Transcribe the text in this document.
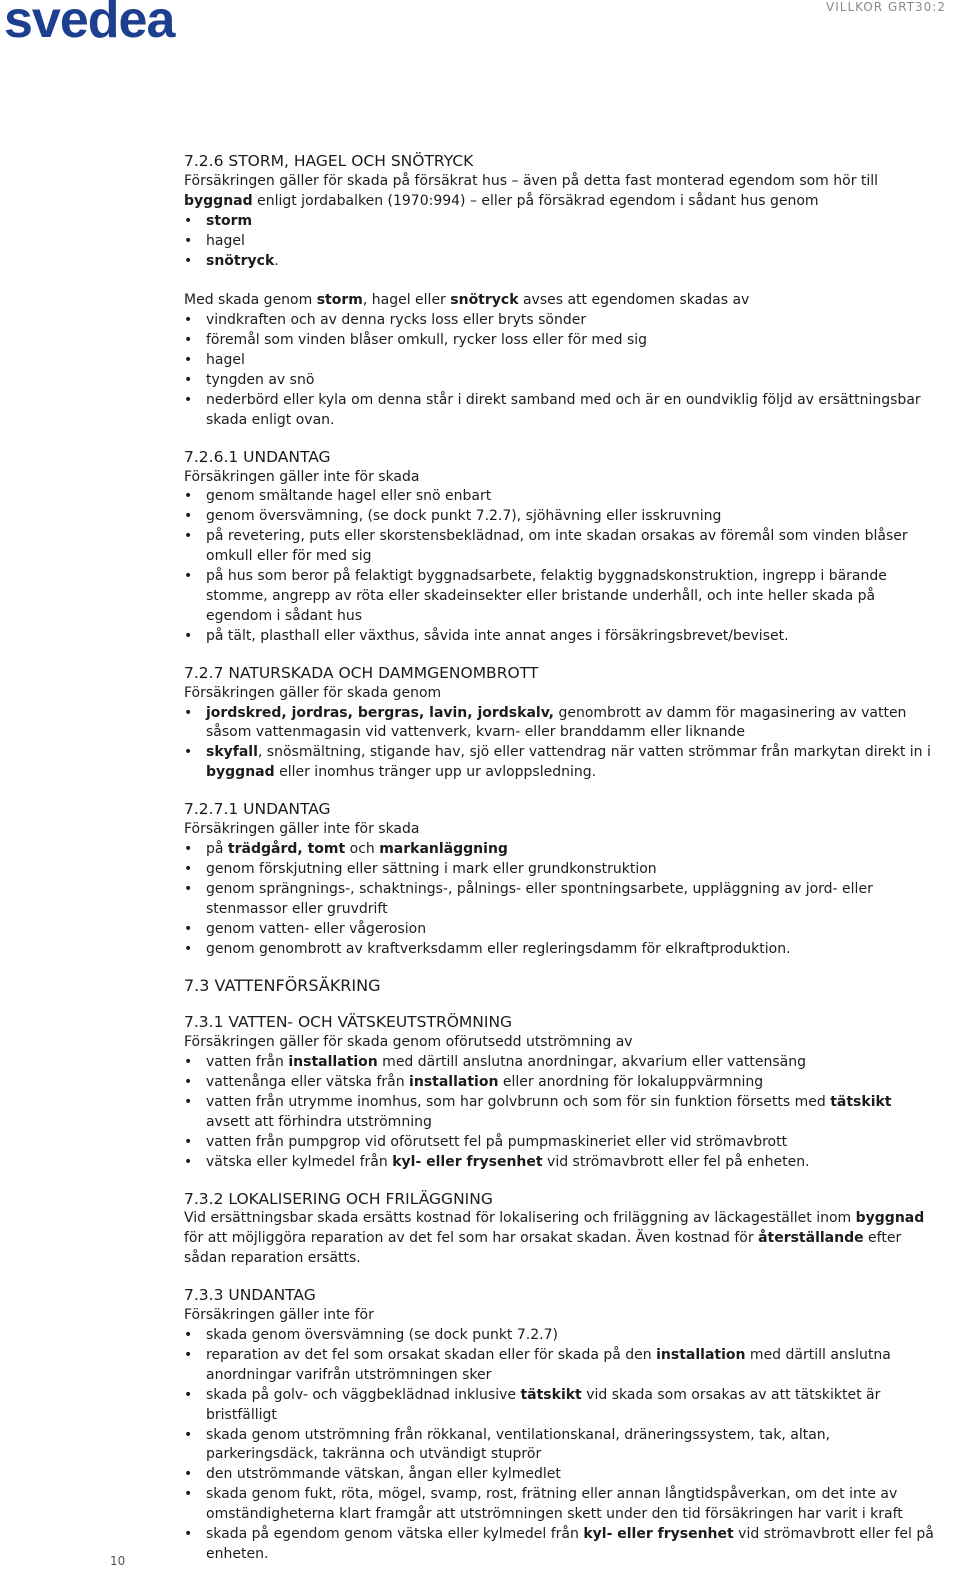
svedea	VILLKOR GRT30:2
7.2.6 STORM, HAGEL OCH SNÖTRYCK

Försäkringen gäller för skada på försäkrat hus – även på detta fast monterad egendom som hör till byggnad enligt jordabalken (1970:994) – eller på försäkrad egendom i sådant hus genom

• storm
• hagel
• snötryck.

Med skada genom storm, hagel eller snötryck avses att egendomen skadas av

• vindkraften och av denna rycks loss eller bryts sönder
• föremål som vinden blåser omkull, rycker loss eller för med sig
• hagel
• tyngden av snö
• nederbörd eller kyla om denna står i direkt samband med och är en oundviklig följd av ersättningsbar skada enligt ovan.
7.2.6.1 UNDANTAG

Försäkringen gäller inte för skada

• genom smältande hagel eller snö enbart
• genom översvämning, (se dock punkt 7.2.7), sjöhävning eller isskruvning
• på revetering, puts eller skorstensbeklädnad, om inte skadan orsakas av föremål som vinden blåser omkull eller för med sig
• på hus som beror på felaktigt byggnadsarbete, felaktig byggnadskonstruktion, ingrepp i bärande stomme, angrepp av röta eller skadeinsekter eller bristande underhåll, och inte heller skada på egendom i sådant hus
• på tält, plasthall eller växthus, såvida inte annat anges i försäkringsbrevet/beviset.
7.2.7 NATURSKADA OCH DAMMGENOMBROTT

Försäkringen gäller för skada genom

• jordskred, jordras, bergras, lavin, jordskalv, genombrott av damm för magasinering av vatten såsom vattenmagasin vid vattenverk, kvarn- eller branddamm eller liknande
• skyfall, snösmältning, stigande hav, sjö eller vattendrag när vatten strömmar från markytan direkt in i byggnad eller inomhus tränger upp ur avloppsledning.
7.2.7.1 UNDANTAG

Försäkringen gäller inte för skada

• på trädgård, tomt och markanläggning
• genom förskjutning eller sättning i mark eller grundkonstruktion
• genom sprängnings-, schaktnings-, pålnings- eller spontningsarbete, uppläggning av jord- eller stenmassor eller gruvdrift
• genom vatten- eller vågerosion
• genom genombrott av kraftverksdamm eller regleringsdamm för elkraftproduktion.
7.3 VATTENFÖRSÄKRING
7.3.1 VATTEN- OCH VÄTSKEUTSTRÖMNING

Försäkringen gäller för skada genom oförutsedd utströmning av

• vatten från installation med därtill anslutna anordningar, akvarium eller vattensäng
• vattenånga eller vätska från installation eller anordning för lokaluppvärmning
• vatten från utrymme inomhus, som har golvbrunn och som för sin funktion försetts med tätskikt avsett att förhindra utströmning
• vatten från pumpgrop vid oförutsett fel på pumpmaskineriet eller vid strömavbrott
• vätska eller kylmedel från kyl- eller frysenhet vid strömavbrott eller fel på enheten.
7.3.2 LOKALISERING OCH FRILÄGGNING

Vid ersättningsbar skada ersätts kostnad för lokalisering och friläggning av läckagestället inom byggnad för att möjliggöra reparation av det fel som har orsakat skadan. Även kostnad för återställande efter sådan reparation ersätts.

7.3.3 UNDANTAG

Försäkringen gäller inte för

• skada genom översvämning (se dock punkt 7.2.7)
• reparation av det fel som orsakat skadan eller för skada på den installation med därtill anslutna anordningar varifrån utströmningen sker
• skada på golv- och väggbeklädnad inklusive tätskikt vid skada som orsakas av att tätskiktet är bristfälligt
• skada genom utströmning från rökkanal, ventilationskanal, dräneringssystem, tak, altan, parkeringsdäck, takränna och utvändigt stuprör
• den utströmmande vätskan, ångan eller kylmedlet
• skada genom fukt, röta, mögel, svamp, rost, frätning eller annan långtidspåverkan, om det inte av omständigheterna klart framgår att utströmningen skett under den tid försäkringen har varit i kraft
• skada på egendom genom vätska eller kylmedel från kyl- eller frysenhet vid strömavbrott eller fel på enheten.
10
